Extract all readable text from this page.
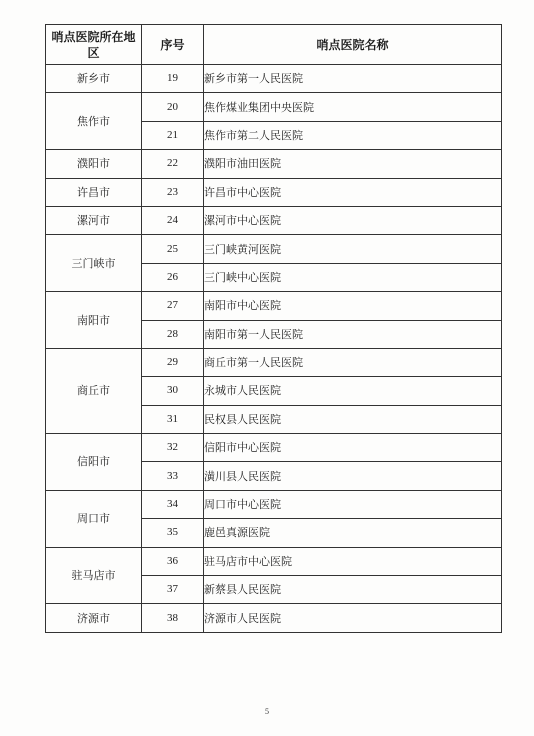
哨点医院所在地区	序号	哨点医院名称
新乡市	19	新乡市第一人民医院
焦作市	20	焦作煤业集团中央医院
	21	焦作市第二人民医院
濮阳市	22	濮阳市油田医院
许昌市	23	许昌市中心医院
漯河市	24	漯河市中心医院
三门峡市	25	三门峡黄河医院
	26	三门峡中心医院
南阳市	27	南阳市中心医院
	28	南阳市第一人民医院
商丘市	29	商丘市第一人民医院
	30	永城市人民医院
	31	民权县人民医院
信阳市	32	信阳市中心医院
	33	潢川县人民医院
周口市	34	周口市中心医院
	35	鹿邑真源医院
驻马店市	36	驻马店市中心医院
	37	新蔡县人民医院
济源市	38	济源市人民医院
5
